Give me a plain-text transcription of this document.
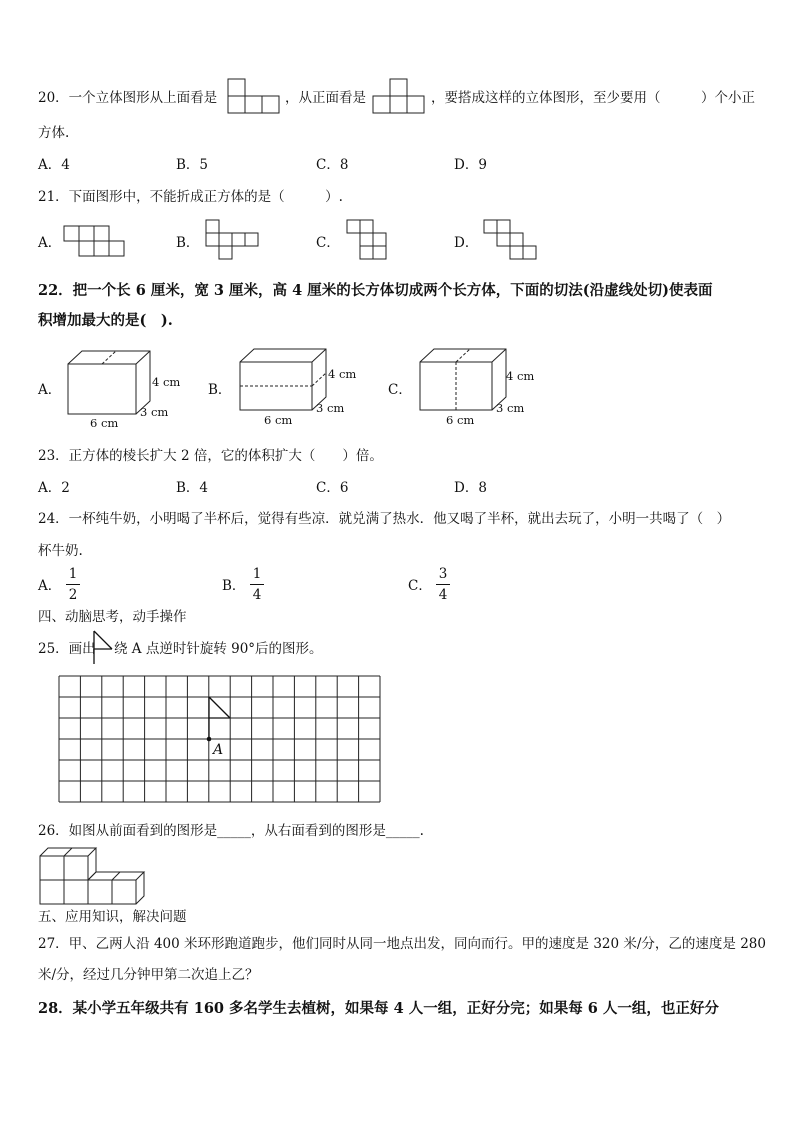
20．一个立体图形从上面看是	，从正面看是	，要搭成这样的立体图形，至少要用（　　　）个小正
方体.
A．4	B．5	C．8	D．9
21．下面图形中，不能折成正方体的是（　　　）.
A．	B．	C．	D．
22．把一个长 6 厘米，宽 3 厘米，高 4 厘米的长方体切成两个长方体，下面的切法(沿虚线处切)使表面
积增加最大的是(　).
A．	4 cm
3 cm
6 cm
B．
4 cm
3 cm
6 cm
C．
4 cm
3 cm
6 cm
23．正方体的棱长扩大 2 倍，它的体积扩大（　　）倍。
A．2	B．4	C．6	D．8
24．一杯纯牛奶，小明喝了半杯后，觉得有些凉．就兑满了热水．他又喝了半杯，就出去玩了，小明一共喝了（　）
杯牛奶.
A．
1
2
B．
1
4
C．
3
4
四、动脑思考，动手操作
25．画出 绕 A 点逆时针旋转 90°后的图形。
A
26．如图从前面看到的图形是_____，从右面看到的图形是_____.
五、应用知识，解决问题
27．甲、乙两人沿 400 米环形跑道跑步，他们同时从同一地点出发，同向而行。甲的速度是 320 米/分，乙的速度是 280
米/分，经过几分钟甲第二次追上乙？
28．某小学五年级共有 160 多名学生去植树，如果每 4 人一组，正好分完；如果每 6 人一组，也正好分
